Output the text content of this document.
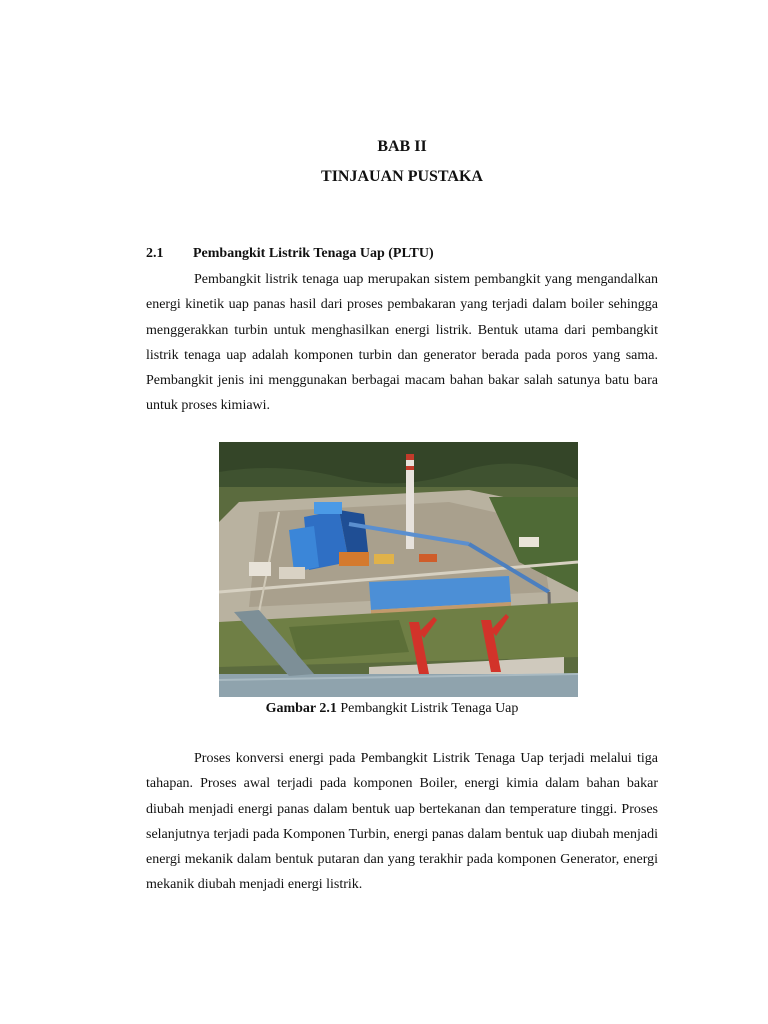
BAB II
TINJAUAN PUSTAKA
2.1 Pembangkit Listrik Tenaga Uap (PLTU)

Pembangkit listrik tenaga uap merupakan sistem pembangkit yang mengandalkan energi kinetik uap panas hasil dari proses pembakaran yang terjadi dalam boiler sehingga menggerakkan turbin untuk menghasilkan energi listrik. Bentuk utama dari pembangkit listrik tenaga uap adalah komponen turbin dan generator berada pada poros yang sama. Pembangkit jenis ini menggunakan berbagai macam bahan bakar salah satunya batu bara untuk proses kimiawi.

Gambar 2.1 Pembangkit Listrik Tenaga Uap

Proses konversi energi pada Pembangkit Listrik Tenaga Uap terjadi melalui tiga tahapan. Proses awal terjadi pada komponen Boiler, energi kimia dalam bahan bakar diubah menjadi energi panas dalam bentuk uap bertekanan dan temperature tinggi. Proses selanjutnya terjadi pada Komponen Turbin, energi panas dalam bentuk uap diubah menjadi energi mekanik dalam bentuk putaran dan yang terakhir pada komponen Generator, energi mekanik diubah menjadi energi listrik.
